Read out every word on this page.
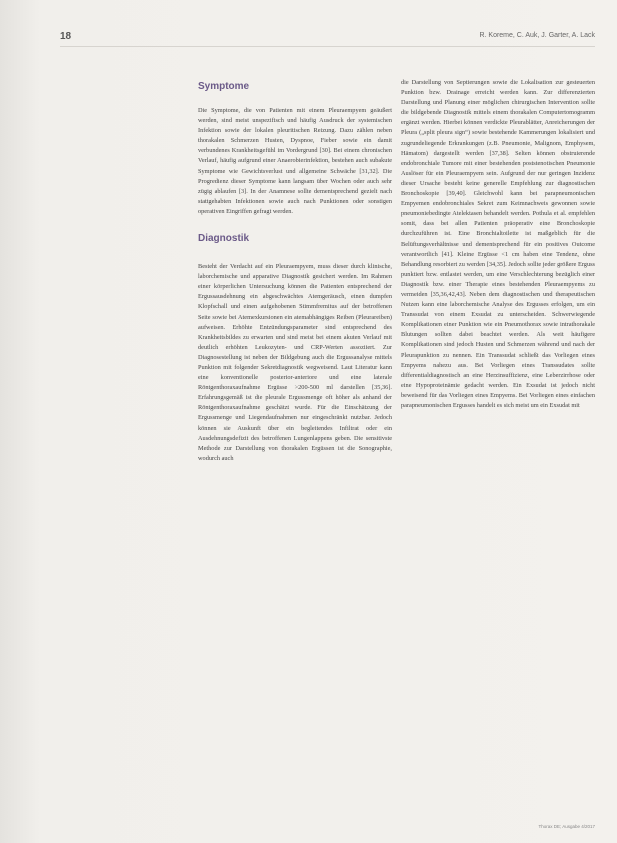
18	R. Koreme, C. Auk, J. Garter, A. Lack
Symptome

Die Symptome, die von Patienten mit einem Pleuraempyem geäußert werden, sind meist unspezifisch und häufig Ausdruck der systemischen Infektion sowie der lokalen pleuritischen Reizung. Dazu zählen neben thorakalen Schmerzen Husten, Dyspnoe, Fieber sowie ein damit verbundenes Krankheitsgefühl im Vordergrund [30]. Bei einem chronischen Verlauf, häufig aufgrund einer Anaerobierinfektion, bestehen auch subakute Symptome wie Gewichtsverlust und allgemeine Schwäche [31,32]. Die Progredienz dieser Symptome kann langsam über Wochen oder auch sehr zügig ablaufen [3]. In der Anamnese sollte dementsprechend gezielt nach stattgehabten Infektionen sowie auch nach Punktionen oder sonstigen operativen Eingriffen gefragt werden.

Diagnostik

Besteht der Verdacht auf ein Pleuraempyem, muss dieser durch klinische, laborchemische und apparative Diagnostik gesichert werden. Im Rahmen einer körperlichen Untersuchung können die Patienten entsprechend der Ergussausdehnung ein abgeschwächtes Atemgeräusch, einen dumpfen Klopfschall und einen aufgehobenen Stimmfremitus auf der betroffenen Seite sowie bei Atemexkursionen ein atemabhängiges Reiben (Pleurareiben) aufweisen. Erhöhte Entzündungsparameter sind entsprechend des Krankheitsbildes zu erwarten und sind meist bei einem akuten Verlauf mit deutlich erhöhten Leukozyten- und CRP-Werten assoziiert. Zur Diagnosestellung ist neben der Bildgebung auch die Ergussanalyse mittels Punktion mit folgender Sekretdiagnostik wegweisend. Laut Literatur kann eine konventionelle posterior-anteriore und eine laterale Röntgenthoraxaufnahme Ergüsse >200-500 ml darstellen [35,36]. Erfahrungsgemäß ist die pleurale Ergussmenge oft höher als anhand der Röntgenthoraxaufnahme geschätzt wurde. Für die Einschätzung der Ergussmenge und Liegendaufnahmen nur eingeschränkt nutzbar. Jedoch können sie Auskunft über ein begleitendes Infiltrat oder ein Ausdehnungsdefizit des betroffenen Lungenlappens geben. Die sensitivste Methode zur Darstellung von thorakalen Ergüssen ist die Sonographie, wodurch auch

die Darstellung von Septierungen sowie die Lokalisation zur gesteuerten Punktion bzw. Drainage erreicht werden kann. Zur differenzierten Darstellung und Planung einer möglichen chirurgischen Intervention sollte die bildgebende Diagnostik mittels einem thorakalen Computertomogramm ergänzt werden. Hierbei können verdickte Pleurablätter, Anreicherungen der Pleura („split pleura sign“) sowie bestehende Kammerungen lokalisiert und zugrundeliegende Erkrankungen (z.B. Pneumonie, Malignom, Emphysem, Hämatom) dargestellt werden [37,38]. Selten können obstruierende endobronchiale Tumore mit einer bestehenden poststenotischen Pneumonie Auslöser für ein Pleuraempyem sein. Aufgrund der nur geringen Inzidenz dieser Ursache besteht keine generelle Empfehlung zur diagnostischen Bronchoskopie [39,40]. Gleichwohl kann bei parapneumonischen Empyemen endobronchiales Sekret zum Keimnachweis gewonnen sowie pneumoniebedingte Atelektasen behandelt werden. Pothula et al. empfehlen somit, dass bei allen Patienten präoperativ eine Bronchoskopie durchzuführen ist. Eine Bronchialtoilette ist maßgeblich für die Belüftungsverhältnisse und dementsprechend für ein positives Outcome verantwortlich [41]. Kleine Ergüsse <1 cm haben eine Tendenz, ohne Behandlung resorbiert zu werden [34,35]. Jedoch sollte jeder größere Erguss punktiert bzw. entlastet werden, um eine Verschlechterung bezüglich einer Diagnostik bzw. einer Therapie eines bestehenden Pleuraempyems zu vermeiden [35,36,42,43]. Neben dem diagnostischen und therapeutischen Nutzen kann eine laborchemische Analyse des Ergusses erfolgen, um ein Transsudat von einem Exsudat zu unterscheiden. Schwerwiegende Komplikationen einer Punktion wie ein Pneumothorax sowie intrathorakale Blutungen sollten dabei beachtet werden. Als weit häufigere Komplikationen sind jedoch Husten und Schmerzen während und nach der Pleurapunktion zu nennen. Ein Transsudat schließt das Vorliegen eines Empyems nahezu aus. Bei Vorliegen eines Transsudates sollte differentialdiagnostisch an eine Herzinsuffizienz, eine Leberzirrhose oder eine Hypoproteinämie gedacht werden. Ein Exsudat ist jedoch nicht beweisend für das Vorliegen eines Empyems. Bei Vorliegen eines einfachen parapneumonischen Ergusses handelt es sich meist um ein Exsudat mit

Thorax DE; Ausgabe 4/2017
